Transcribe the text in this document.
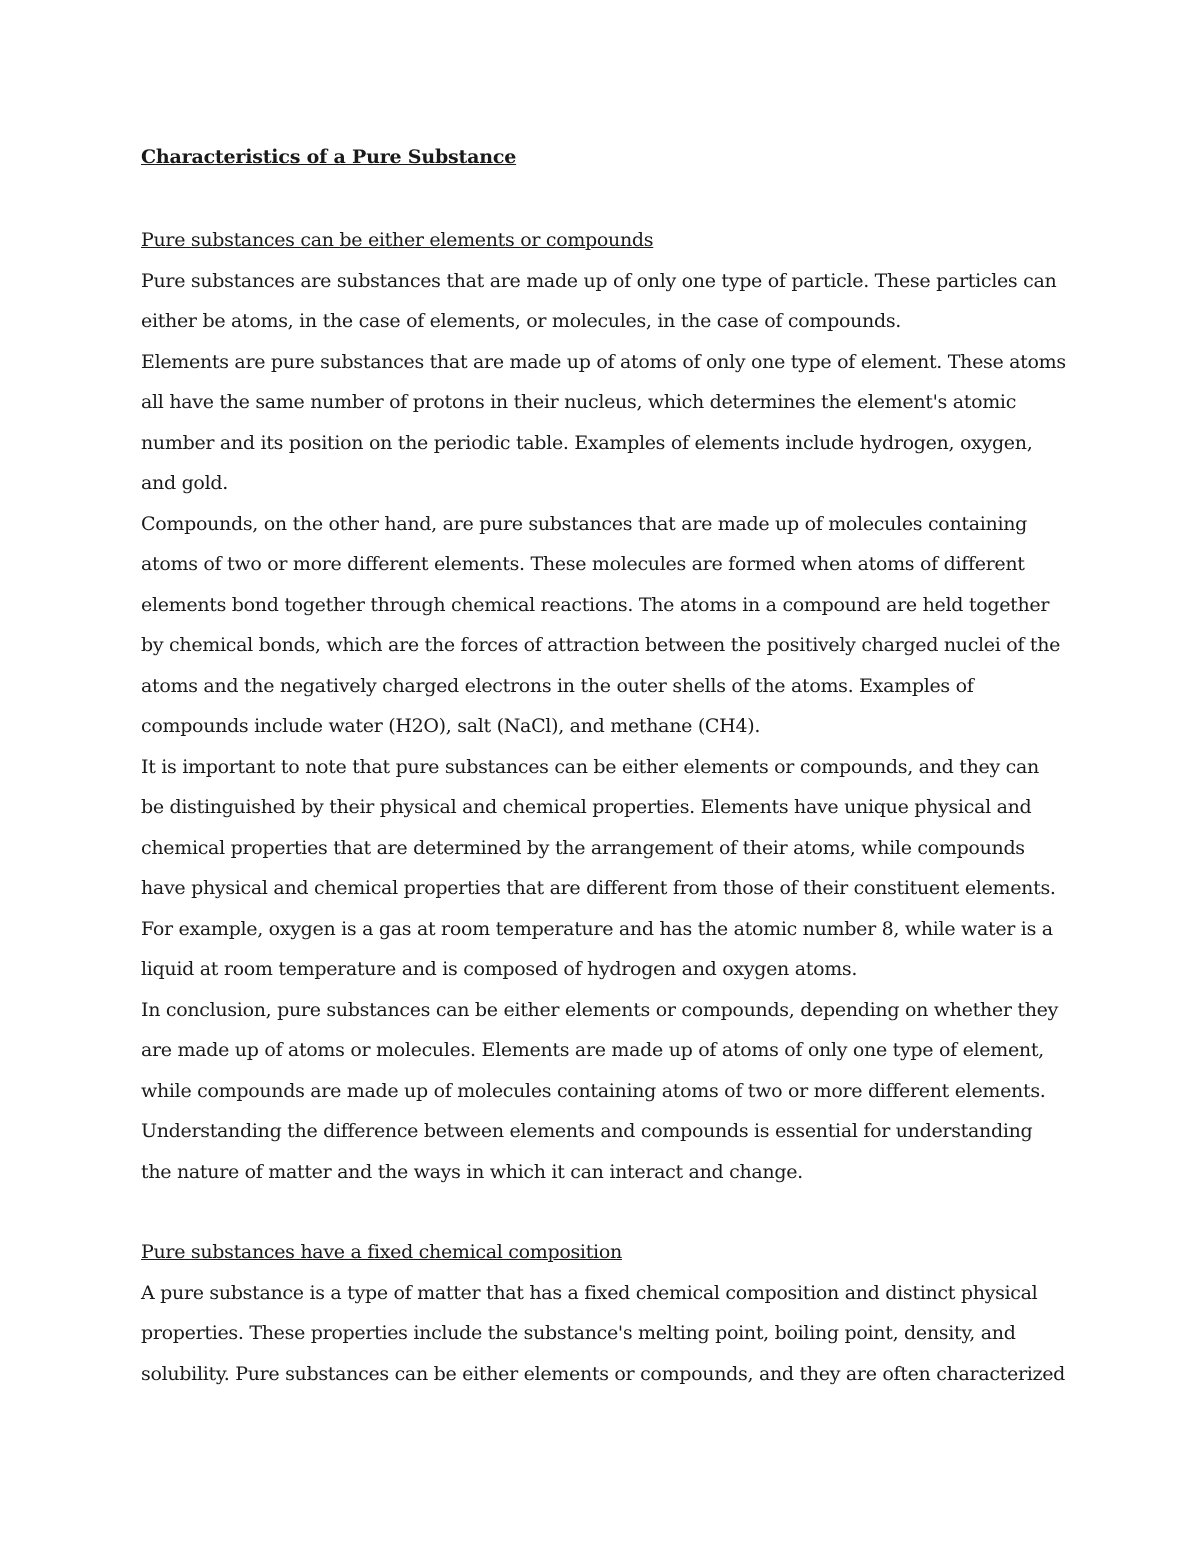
Characteristics of a Pure Substance
Pure substances can be either elements or compounds

Pure substances are substances that are made up of only one type of particle. These particles can either be atoms, in the case of elements, or molecules, in the case of compounds.

Elements are pure substances that are made up of atoms of only one type of element. These atoms all have the same number of protons in their nucleus, which determines the element's atomic number and its position on the periodic table. Examples of elements include hydrogen, oxygen, and gold.

Compounds, on the other hand, are pure substances that are made up of molecules containing atoms of two or more different elements. These molecules are formed when atoms of different elements bond together through chemical reactions. The atoms in a compound are held together by chemical bonds, which are the forces of attraction between the positively charged nuclei of the atoms and the negatively charged electrons in the outer shells of the atoms. Examples of compounds include water (H2O), salt (NaCl), and methane (CH4).

It is important to note that pure substances can be either elements or compounds, and they can be distinguished by their physical and chemical properties. Elements have unique physical and chemical properties that are determined by the arrangement of their atoms, while compounds have physical and chemical properties that are different from those of their constituent elements. For example, oxygen is a gas at room temperature and has the atomic number 8, while water is a liquid at room temperature and is composed of hydrogen and oxygen atoms.

In conclusion, pure substances can be either elements or compounds, depending on whether they are made up of atoms or molecules. Elements are made up of atoms of only one type of element, while compounds are made up of molecules containing atoms of two or more different elements. Understanding the difference between elements and compounds is essential for understanding the nature of matter and the ways in which it can interact and change.

Pure substances have a fixed chemical composition

A pure substance is a type of matter that has a fixed chemical composition and distinct physical properties. These properties include the substance's melting point, boiling point, density, and solubility. Pure substances can be either elements or compounds, and they are often characterized
